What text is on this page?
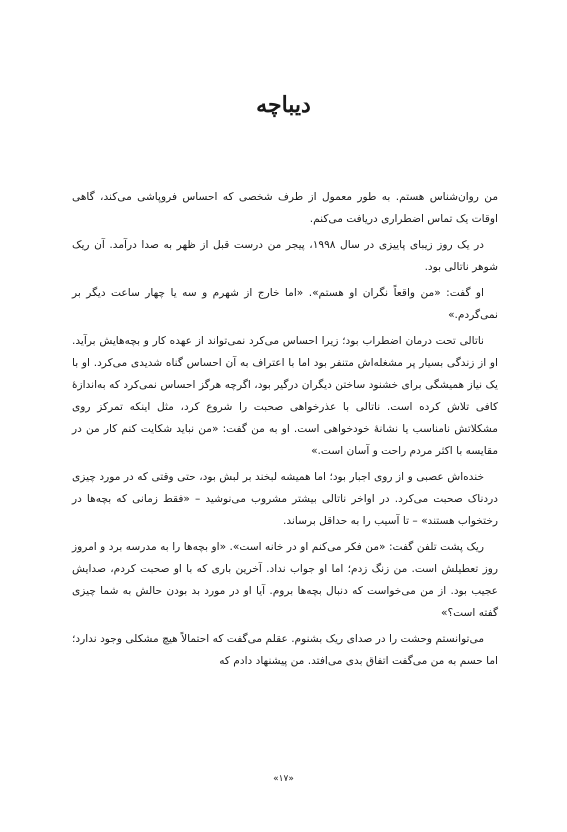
دیباچه

من روان‌شناس هستم. به طور معمول از طرف شخصی که احساس فروپاشی می‌کند، گاهی اوقات یک تماس اضطراری دریافت می‌کنم.

در یک روز زیبای پاییزی در سال ۱۹۹۸، پیجر من درست قبل از ظهر به صدا درآمد. آن ریک شوهر ناتالی بود.

او گفت: «من واقعاً نگران او هستم». «اما خارج از شهرم و سه یا چهار ساعت دیگر بر نمی‌گردم.»

ناتالی تحت درمان اضطراب بود؛ زیرا احساس می‌کرد نمی‌تواند از عهده کار و بچه‌هایش برآید. او از زندگی بسیار پر مشغله‌اش متنفر بود اما با اعتراف به آن احساس گناه شدیدی می‌کرد. او با یک نیاز همیشگی برای خشنود ساختن دیگران درگیر بود، اگرچه هرگز احساس نمی‌کرد که به‌اندازهٔ کافی تلاش کرده است. ناتالی با عذرخواهی صحبت را شروع کرد، مثل اینکه تمرکز روی مشکلاتش نامناسب یا نشانهٔ خودخواهی است. او به من گفت: «من نباید شکایت کنم کار من در مقایسه با اکثر مردم راحت و آسان است.»

خنده‌اش عصبی و از روی اجبار بود؛ اما همیشه لبخند بر لبش بود، حتی وقتی که در مورد چیزی دردناک صحبت می‌کرد. در اواخر ناتالی بیشتر مشروب می‌نوشید – «فقط زمانی که بچه‌ها در رختخواب هستند» – تا آسیب را به حداقل برساند.

ریک پشت تلفن گفت: «من فکر می‌کنم او در خانه است». «او بچه‌ها را به مدرسه برد و امروز روز تعطیلش است. من زنگ زدم؛ اما او جواب نداد. آخرین باری که با او صحبت کردم، صدایش عجیب بود. از من می‌خواست که دنبال بچه‌ها بروم. آیا او در مورد بد بودن حالش به شما چیزی گفته است؟»

می‌توانستم وحشت را در صدای ریک بشنوم. عقلم می‌گفت که احتمالاً هیچ مشکلی وجود ندارد؛ اما حسم به من می‌گفت اتفاق بدی می‌افتد. من پیشنهاد دادم که

«۱۷»
